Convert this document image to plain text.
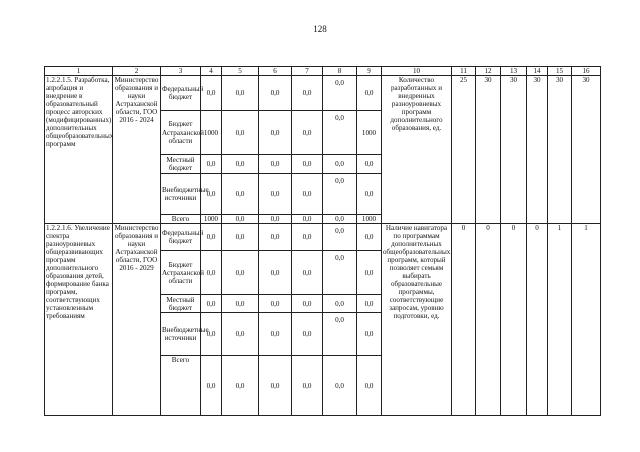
128
1	2	3	4	5	6	7	8	9	10	11	12	13	14	15	16
1.2.2.1.5. Разработка, апробация и внедрение в образовательный процесс авторских (модифицированных) дополнительных общеобразовательных программ	Министерство образования и науки Астраханской области, ГОО 2016 - 2024	Федеральный бюджет	0,0	0,0	0,0	0,0	0,0	0,0	Количество разработанных и внедренных разноуровневых программ дополнительного образования, ед.	25	30	30	30	30	30
		Бюджет Астраханской области	1000	0,0	0,0	0,0	0,0	1000							
		Местный бюджет	0,0	0,0	0,0	0,0	0,0	0,0							
		Внебюджетные источники	0,0	0,0	0,0	0,0	0,0	0,0							
		Всего	1000	0,0	0,0	0,0	0,0	1000							
1.2.2.1.6. Увеличение спектра разноуровневых общеразвивающих программ дополнительного образования детей, формирование банка программ, соответствующих установленным требованиям	Министерство образования и науки Астраханской области, ГОО 2016 - 2029	Федеральный бюджет	0,0	0,0	0,0	0,0	0,0	0,0	Наличие навигатора по программам дополнительных общеобразовательных программ, который позволяет семьям выбирать образовательные программы, соответствующие запросам, уровню подготовки, ед.	0	0	0	0	1	1
		Бюджет Астраханской области	0,0	0,0	0,0	0,0	0,0	0,0							
		Местный бюджет	0,0	0,0	0,0	0,0	0,0	0,0							
		Внебюджетные источники	0,0	0,0	0,0	0,0	0,0	0,0							
		Всего	0,0	0,0	0,0	0,0	0,0	0,0							
